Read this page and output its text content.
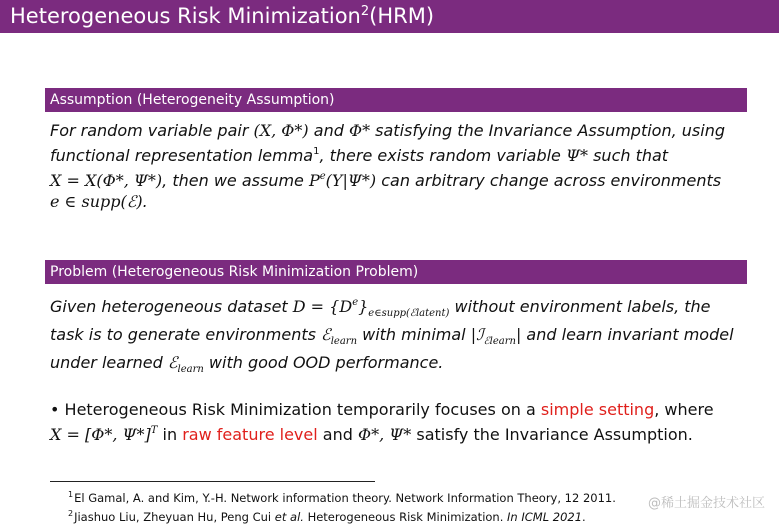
Heterogeneous Risk Minimization$^2$(HRM)
Assumption (Heterogeneity Assumption)
For random variable pair (X, Φ*) and Φ* satisfying the Invariance Assumption, using
functional representation lemma$^1$, there exists random variable Ψ* such that
X = X(Φ*, Ψ*), then we assume $P^e(Y|\Psi*)$ can arbitrary change across environments
e ∈ supp(ℰ).
Problem (Heterogeneous Risk Minimization Problem)
Given heterogeneous dataset $D = \{D^e\}_{e\in supp(ℰlatent)}$ without environment labels, the
task is to generate environments ℰ$_{learn}$ with minimal |ℐ$_{ℰlearn}$| and learn invariant model
under learned ℰ$_{learn}$ with good OOD performance.
• Heterogeneous Risk Minimization temporarily focuses on a simple setting, where
X = [Φ*, Ψ*]$^T$ in raw feature level and Φ*, Ψ* satisfy the Invariance Assumption.
$^1$El Gamal, A. and Kim, Y.-H. Network information theory. Network Information Theory, 12 2011.
$^2$Jiashuo Liu, Zheyuan Hu, Peng Cui et al. Heterogeneous Risk Minimization. In ICML 2021.
@稀土掘金技术社区
